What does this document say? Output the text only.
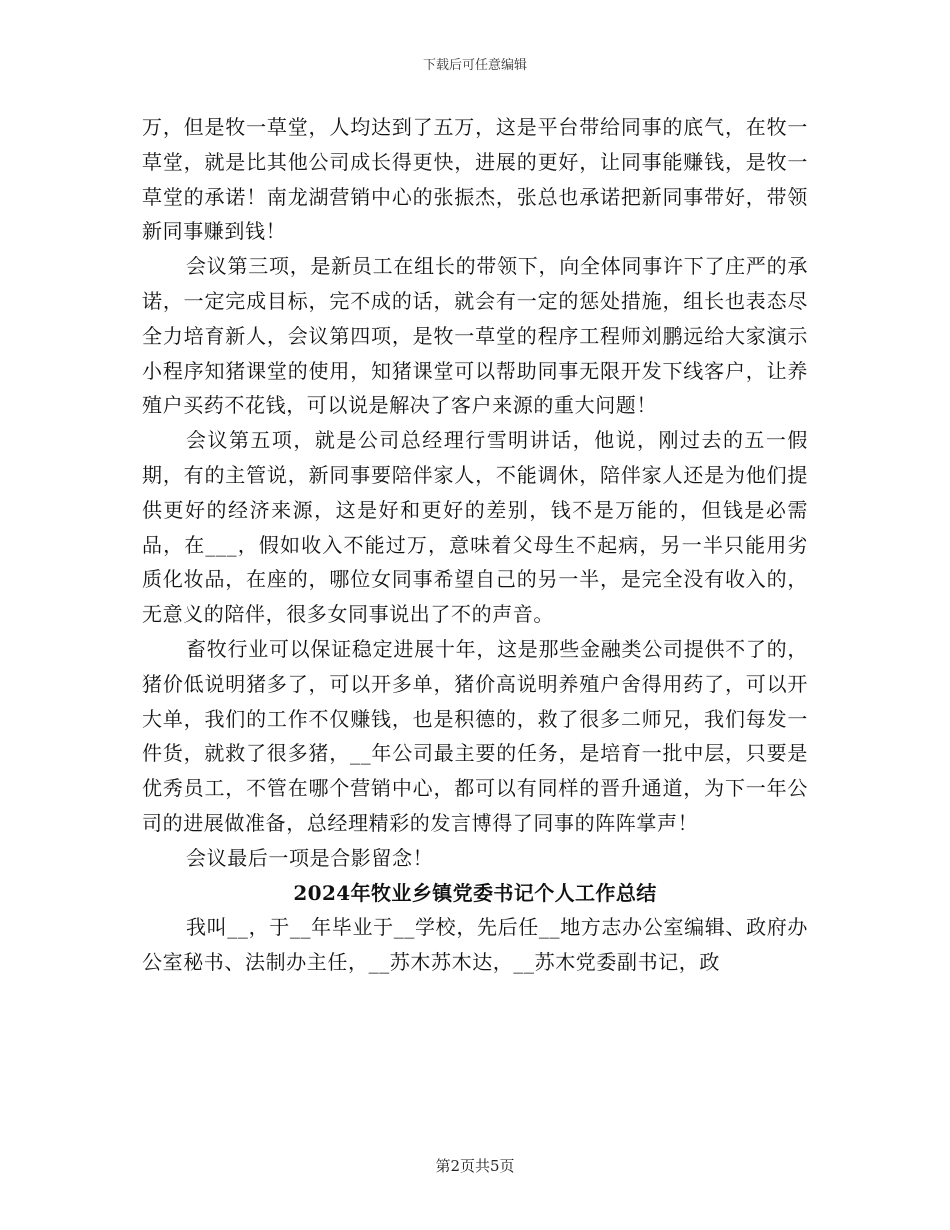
下载后可任意编辑

万，但是牧一草堂，人均达到了五万，这是平台带给同事的底气，在牧一草堂，就是比其他公司成长得更快，进展的更好，让同事能赚钱，是牧一草堂的承诺！南龙湖营销中心的张振杰，张总也承诺把新同事带好，带领新同事赚到钱！

会议第三项，是新员工在组长的带领下，向全体同事许下了庄严的承诺，一定完成目标，完不成的话，就会有一定的惩处措施，组长也表态尽全力培育新人，会议第四项，是牧一草堂的程序工程师刘鹏远给大家演示小程序知猪课堂的使用，知猪课堂可以帮助同事无限开发下线客户，让养殖户买药不花钱，可以说是解决了客户来源的重大问题！

会议第五项，就是公司总经理行雪明讲话，他说，刚过去的五一假期，有的主管说，新同事要陪伴家人，不能调休，陪伴家人还是为他们提供更好的经济来源，这是好和更好的差别，钱不是万能的，但钱是必需品，在___，假如收入不能过万，意味着父母生不起病，另一半只能用劣质化妆品，在座的，哪位女同事希望自己的另一半，是完全没有收入的，无意义的陪伴，很多女同事说出了不的声音。

畜牧行业可以保证稳定进展十年，这是那些金融类公司提供不了的，猪价低说明猪多了，可以开多单，猪价高说明养殖户舍得用药了，可以开大单，我们的工作不仅赚钱，也是积德的，救了很多二师兄，我们每发一件货，就救了很多猪，__年公司最主要的任务，是培育一批中层，只要是优秀员工，不管在哪个营销中心，都可以有同样的晋升通道，为下一年公司的进展做准备，总经理精彩的发言博得了同事的阵阵掌声！

会议最后一项是合影留念！

2024年牧业乡镇党委书记个人工作总结

我叫__，于__年毕业于__学校，先后任__地方志办公室编辑、政府办公室秘书、法制办主任，__苏木苏木达，__苏木党委副书记，政

第2页共5页
